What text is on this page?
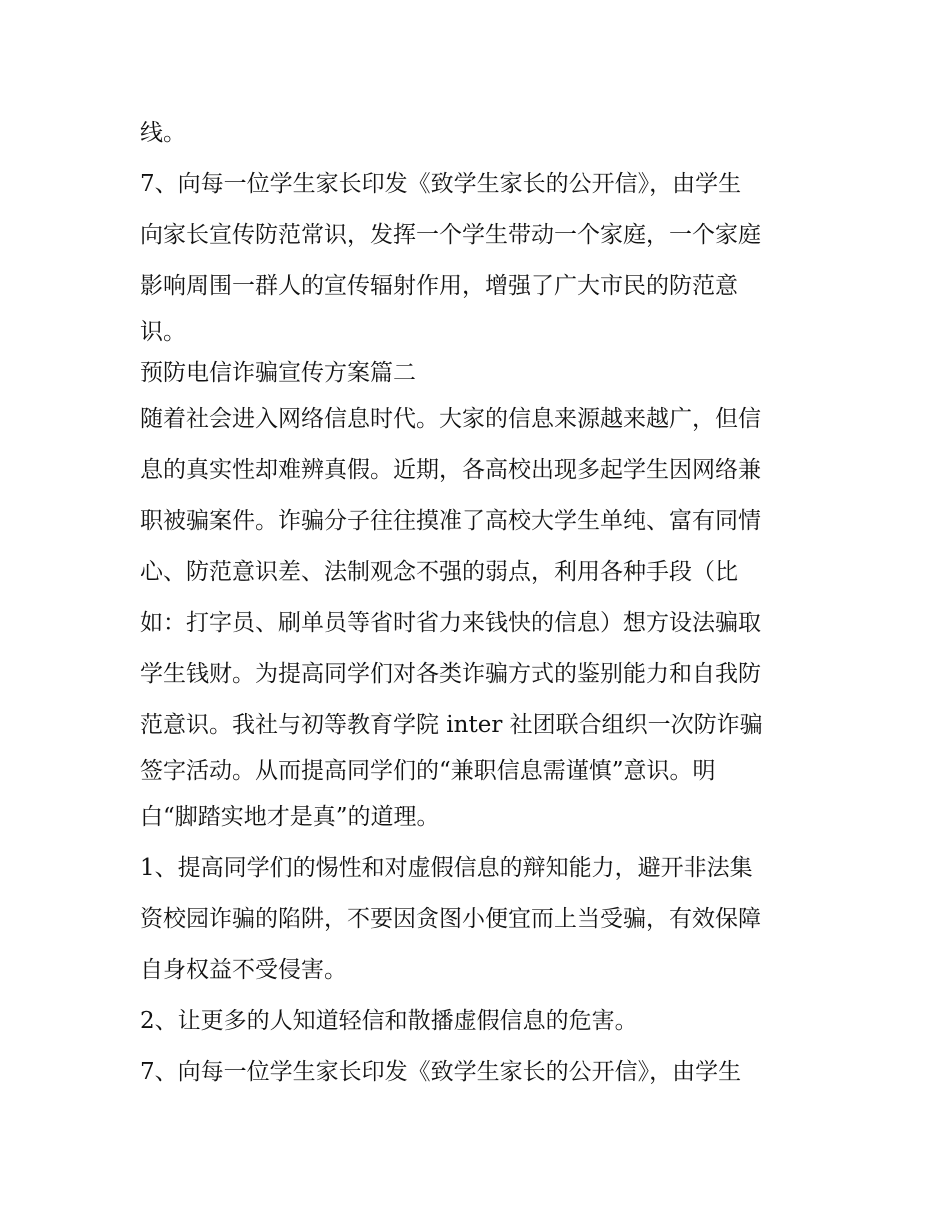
线。
7、向每一位学生家长印发《致学生家长的公开信》，由学生
向家长宣传防范常识，发挥一个学生带动一个家庭，一个家庭
影响周围一群人的宣传辐射作用，增强了广大市民的防范意
识。
预防电信诈骗宣传方案篇二
随着社会进入网络信息时代。大家的信息来源越来越广，但信
息的真实性却难辨真假。近期，各高校出现多起学生因网络兼
职被骗案件。诈骗分子往往摸准了高校大学生单纯、富有同情
心、防范意识差、法制观念不强的弱点，利用各种手段（比
如：打字员、刷单员等省时省力来钱快的信息）想方设法骗取
学生钱财。为提高同学们对各类诈骗方式的鉴别能力和自我防
范意识。我社与初等教育学院 inter 社团联合组织一次防诈骗
签字活动。从而提高同学们的“兼职信息需谨慎”意识。明
白“脚踏实地才是真”的道理。
1、提高同学们的惕性和对虚假信息的辩知能力，避开非法集
资校园诈骗的陷阱，不要因贪图小便宜而上当受骗，有效保障
自身权益不受侵害。
2、让更多的人知道轻信和散播虚假信息的危害。
7、向每一位学生家长印发《致学生家长的公开信》，由学生
